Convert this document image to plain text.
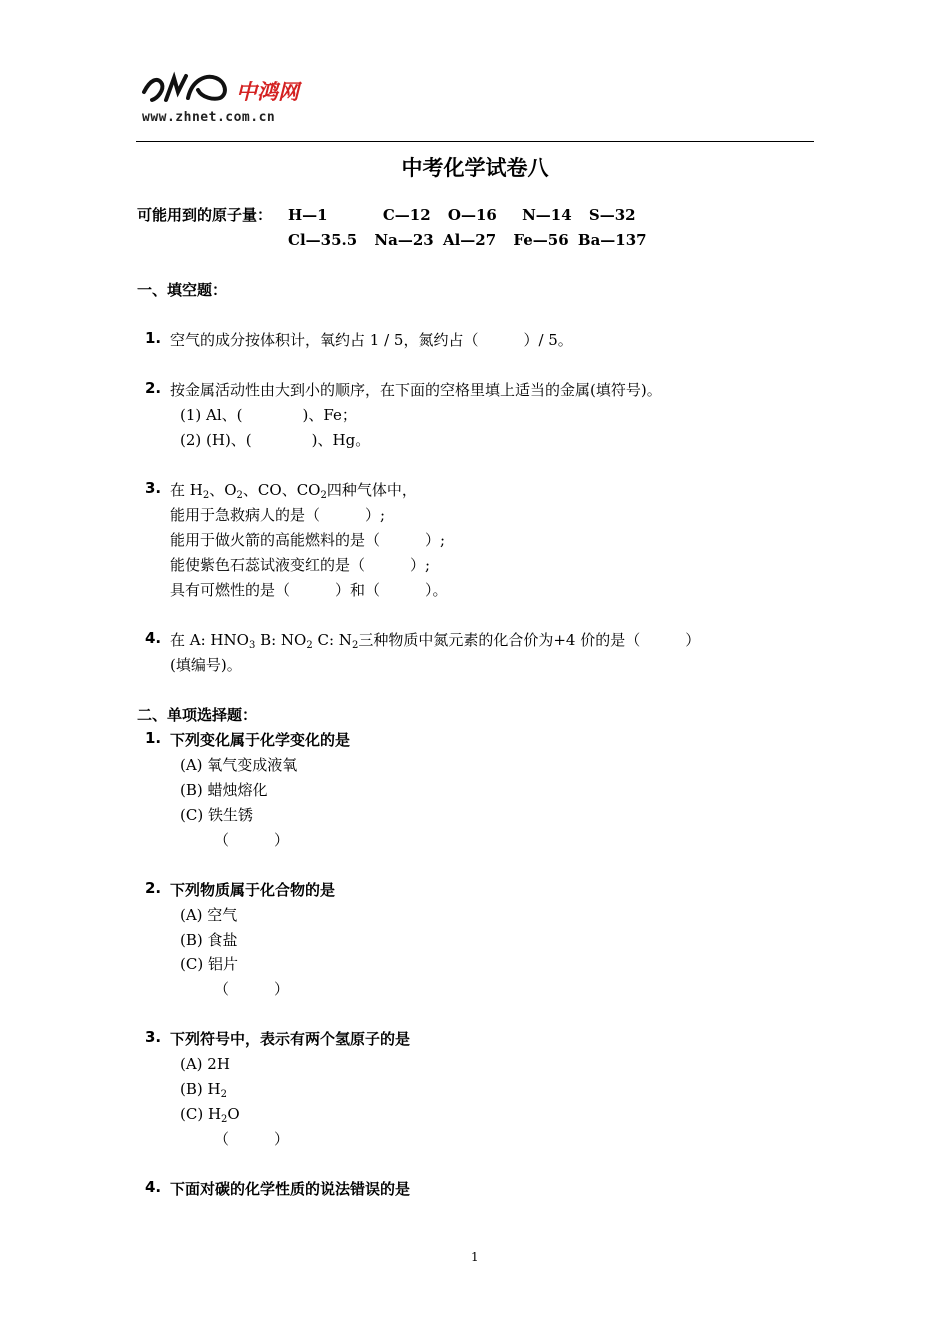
中鸿网
www.zhnet.com.cn
中考化学试卷八
可能用到的原子量： H—1	C—12 O—16 N—14 S—32
Cl—35.5 Na—23 Al—27 Fe—56 Ba—137
一、填空题：
1. 空气的成分按体积计，氧约占 1 / 5，氮约占（　　　）/ 5。
2. 按金属活动性由大到小的顺序，在下面的空格里填上适当的金属(填符号)。
(1) Al、(　　　　)、Fe；
(2) (H)、(　　　　)、Hg。
3. 在 $H_2$、$O_2$、CO、$CO_2$四种气体中，
能用于急救病人的是（　　　）;
能用于做火箭的高能燃料的是（　　　）;
能使紫色石蕊试液变红的是（　　　）;
具有可燃性的是（　　　）和（　　　）。
4. 在 A: $HNO_3$ B: $NO_2$ C: $N_2$三种物质中氮元素的化合价为+4 价的是（　　　）
(填编号)。
二、单项选择题：
1. 下列变化属于化学变化的是
(A) 氧气变成液氧
(B) 蜡烛熔化
(C) 铁生锈
（　　　）
2. 下列物质属于化合物的是
(A) 空气
(B) 食盐
(C) 铝片
（　　　）
3. 下列符号中，表示有两个氢原子的是
(A) 2H
(B) $H_2$
(C) $H_2O$
（　　　）
4. 下面对碳的化学性质的说法错误的是
1
